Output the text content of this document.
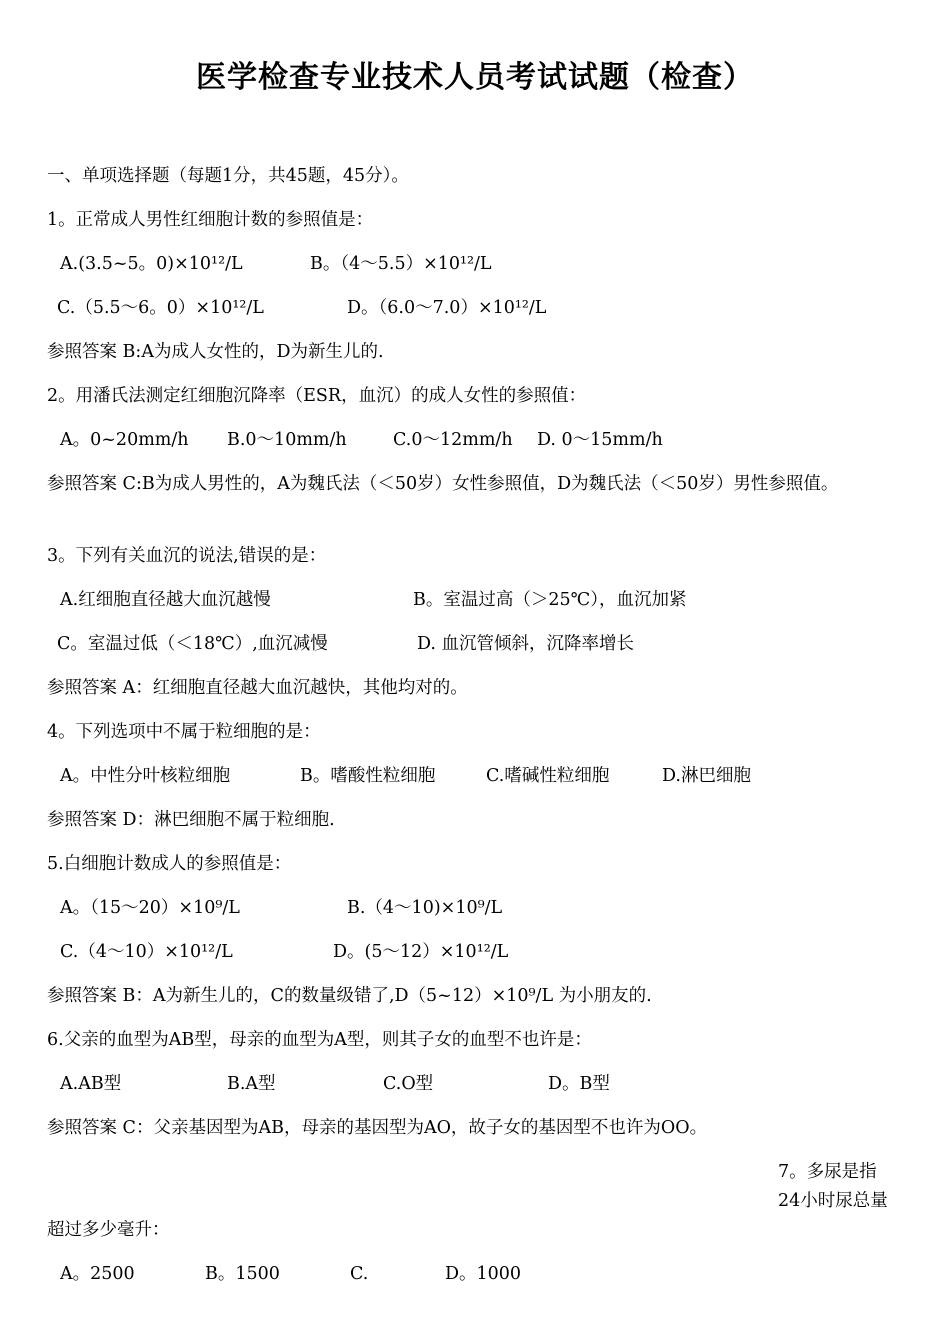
医学检查专业技术人员考试试题（检查）
一、单项选择题（每题1分，共45题，45分）。
1。正常成人男性红细胞计数的参照值是：
A.(3.5~5。0)×10¹²/L	B。（4～5.5）×10¹²/L
C.（5.5～6。0）×10¹²/L	D。（6.0～7.0）×10¹²/L
参照答案 B:A为成人女性的，D为新生儿的.
2。用潘氏法测定红细胞沉降率（ESR，血沉）的成人女性的参照值：
A。0~20mm/h B.0～10mm/h	C.0～12mm/h D. 0～15mm/h
参照答案 C:B为成人男性的，A为魏氏法（＜50岁）女性参照值，D为魏氏法（＜50岁）男性参照值。
3。下列有关血沉的说法,错误的是：
A.红细胞直径越大血沉越慢	B。室温过高（＞25℃），血沉加紧
C。室温过低（＜18℃）,血沉减慢	D. 血沉管倾斜，沉降率增长
参照答案 A：红细胞直径越大血沉越快，其他均对的。
4。下列选项中不属于粒细胞的是：
A。中性分叶核粒细胞	B。嗜酸性粒细胞	C.嗜碱性粒细胞	D.淋巴细胞
参照答案 D：淋巴细胞不属于粒细胞.
5.白细胞计数成人的参照值是：
A。（15～20）×10⁹/L	B.（4～10)×10⁹/L
C.（4～10）×10¹²/L	D。(5～12）×10¹²/L
参照答案 B：A为新生儿的，C的数量级错了,D（5~12）×10⁹/L 为小朋友的.
6.父亲的血型为AB型，母亲的血型为A型，则其子女的血型不也许是：
A.AB型	B.A型	C.O型	D。B型
参照答案 C：父亲基因型为AB，母亲的基因型为AO，故子女的基因型不也许为OO。
7。多尿是指
24小时尿总量
超过多少毫升：
A。2500	B。1500	C.	D。1000
